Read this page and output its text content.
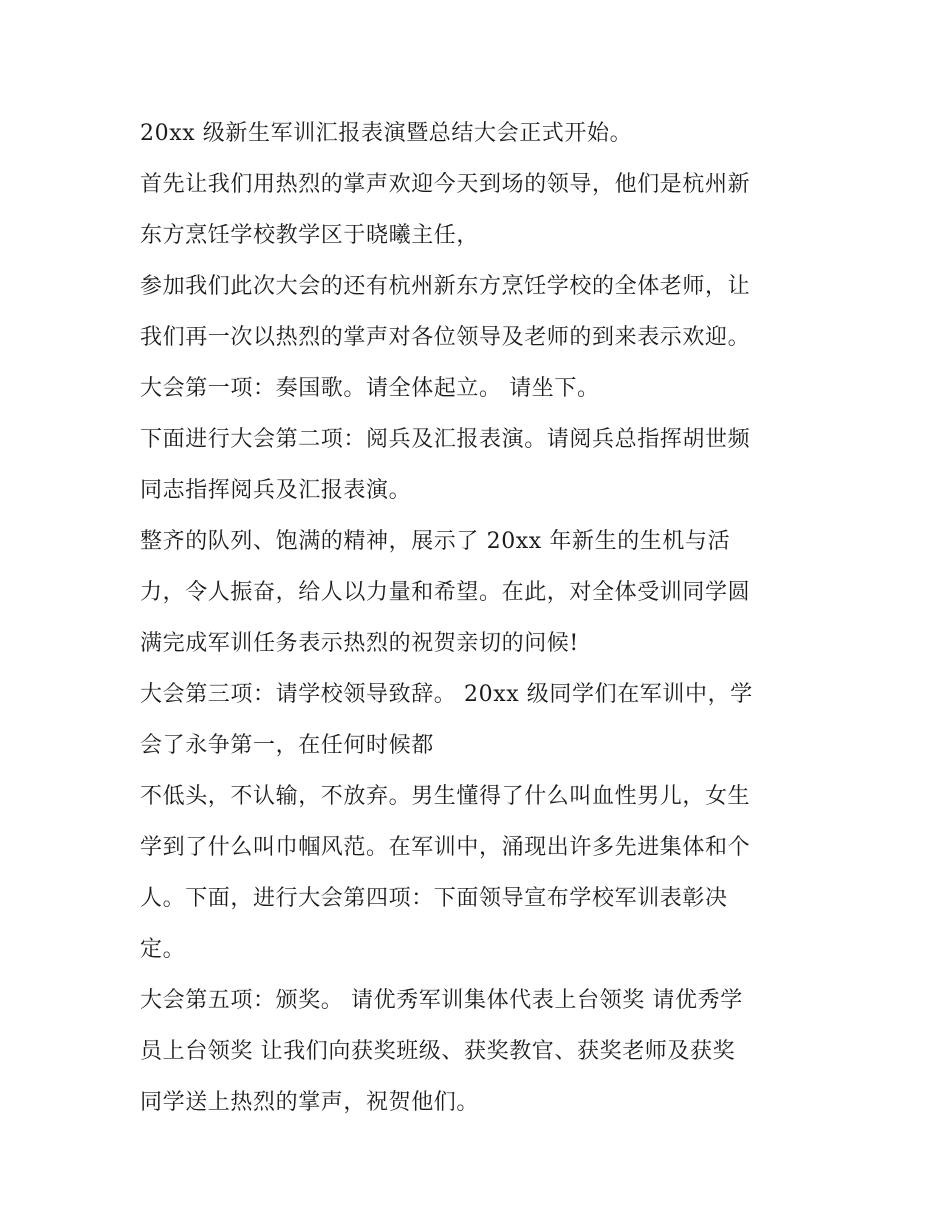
20xx 级新生军训汇报表演暨总结大会正式开始。
首先让我们用热烈的掌声欢迎今天到场的领导，他们是杭州新
东方烹饪学校教学区于晓曦主任，
参加我们此次大会的还有杭州新东方烹饪学校的全体老师，让
我们再一次以热烈的掌声对各位领导及老师的到来表示欢迎。
大会第一项：奏国歌。请全体起立。 请坐下。
下面进行大会第二项：阅兵及汇报表演。请阅兵总指挥胡世频
同志指挥阅兵及汇报表演。
整齐的队列、饱满的精神，展示了 20xx 年新生的生机与活
力，令人振奋，给人以力量和希望。在此，对全体受训同学圆
满完成军训任务表示热烈的祝贺亲切的问候!
大会第三项：请学校领导致辞。 20xx 级同学们在军训中，学
会了永争第一，在任何时候都
不低头，不认输，不放弃。男生懂得了什么叫血性男儿，女生
学到了什么叫巾帼风范。在军训中，涌现出许多先进集体和个
人。下面，进行大会第四项：下面领导宣布学校军训表彰决
定。
大会第五项：颁奖。 请优秀军训集体代表上台领奖 请优秀学
员上台领奖 让我们向获奖班级、获奖教官、获奖老师及获奖
同学送上热烈的掌声，祝贺他们。
